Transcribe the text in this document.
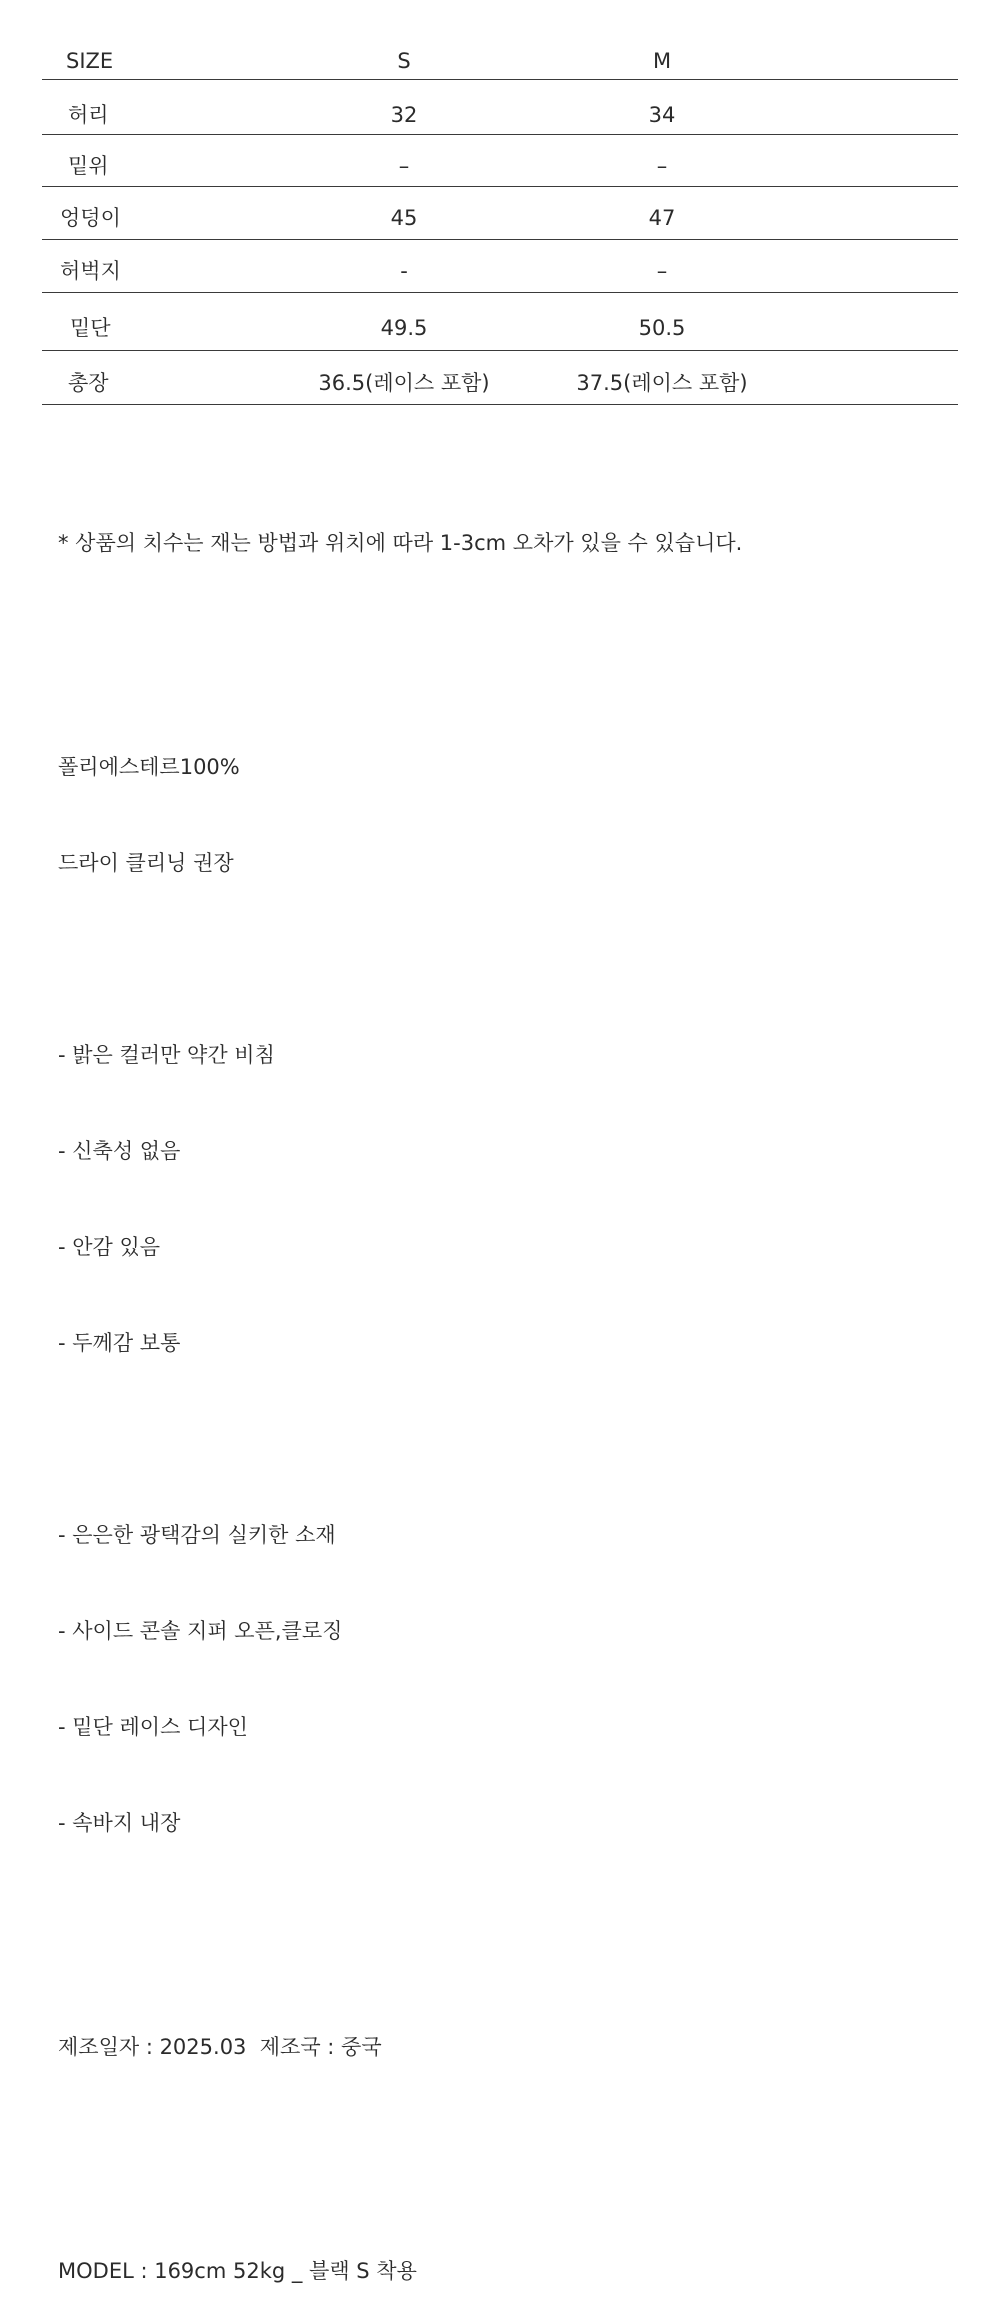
SIZE	S	M
허리	32	34
밑위	–	–
엉덩이	45	47
허벅지	-	–
밑단	49.5	50.5
총장	36.5(레이스 포함)	37.5(레이스 포함)

* 상품의 치수는 재는 방법과 위치에 따라 1-3cm 오차가 있을 수 있습니다.

폴리에스테르100%

드라이 클리닝 권장

- 밝은 컬러만 약간 비침

- 신축성 없음

- 안감 있음

- 두께감 보통

- 은은한 광택감의 실키한 소재

- 사이드 콘솔 지퍼 오픈,클로징

- 밑단 레이스 디자인

- 속바지 내장

제조일자 : 2025.03  제조국 : 중국

MODEL : 169cm 52kg _ 블랙 S 착용
